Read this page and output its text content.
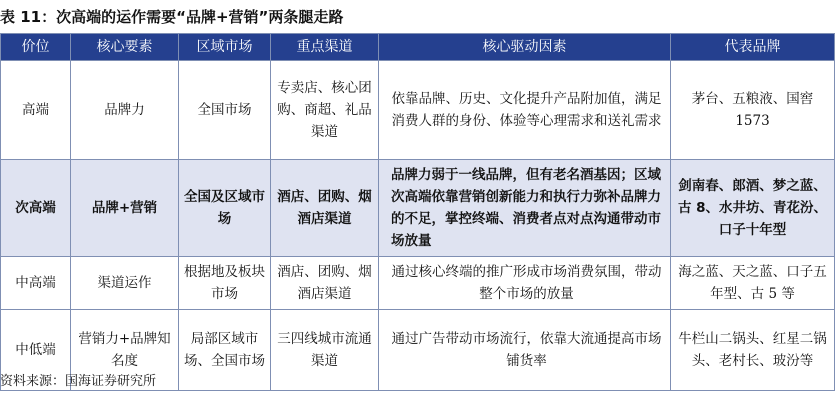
表 11：次高端的运作需要“品牌+营销”两条腿走路
价位	核心要素	区域市场	重点渠道	核心驱动因素	代表品牌
高端	品牌力	全国市场	专卖店、核心团购、商超、礼品渠道	依靠品牌、历史、文化提升产品附加值，满足消费人群的身份、体验等心理需求和送礼需求	茅台、五粮液、国窖 1573
次高端	品牌+营销	全国及区域市场	酒店、团购、烟酒店渠道	品牌力弱于一线品牌，但有老名酒基因；区域次高端依靠营销创新能力和执行力弥补品牌力的不足，掌控终端、消费者点对点沟通带动市场放量	剑南春、郎酒、梦之蓝、古 8、水井坊、青花汾、口子十年型
中高端	渠道运作	根据地及板块市场	酒店、团购、烟酒店渠道	通过核心终端的推广形成市场消费氛围，带动整个市场的放量	海之蓝、天之蓝、口子五年型、古 5 等
中低端	营销力+品牌知名度	局部区域市场、全国市场	三四线城市流通渠道	通过广告带动市场流行，依靠大流通提高市场铺货率	牛栏山二锅头、红星二锅头、老村长、玻汾等
资料来源：国海证券研究所
